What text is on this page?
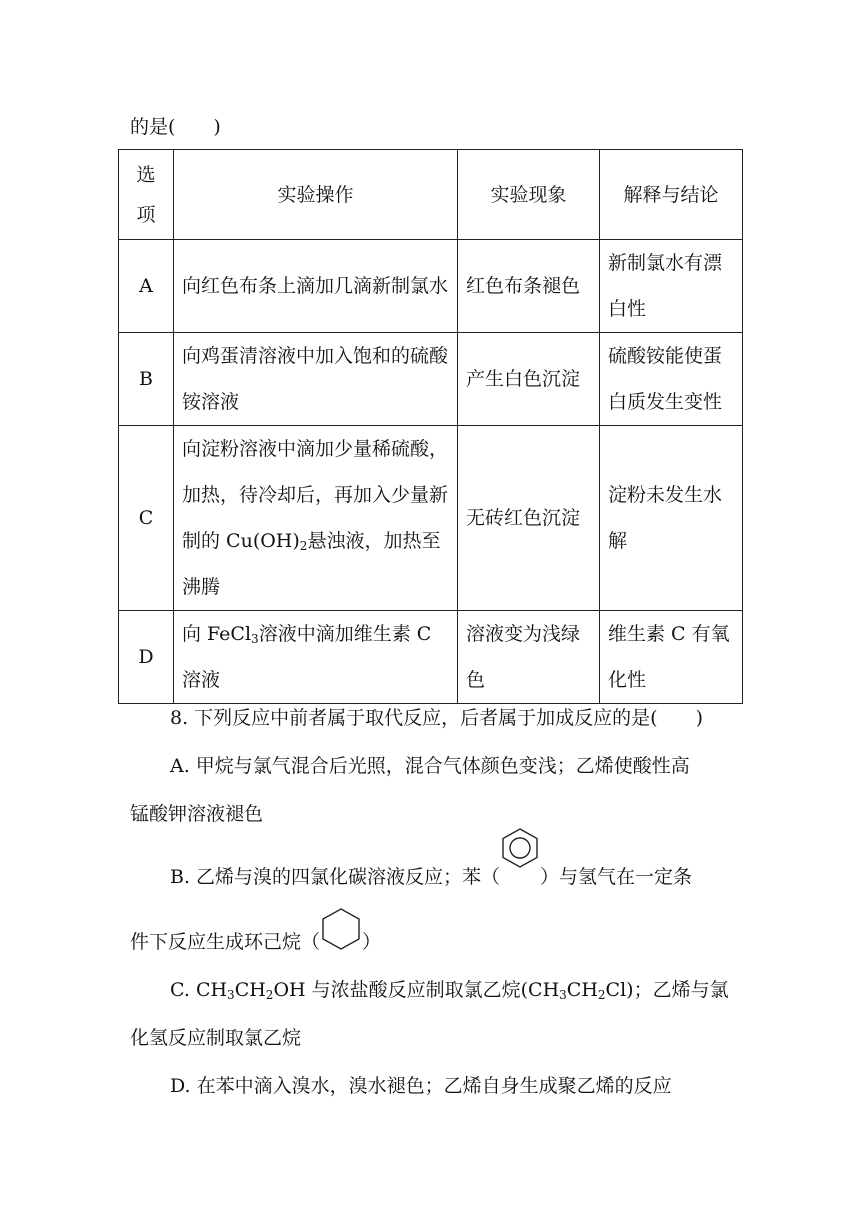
的是(　　)
选
项	实验操作	实验现象	解释与结论
A	向红色布条上滴加几滴新制氯水	红色布条褪色	新制氯水有漂白性
B	向鸡蛋清溶液中加入饱和的硫酸铵溶液	产生白色沉淀	硫酸铵能使蛋白质发生变性
C	向淀粉溶液中滴加少量稀硫酸，加热，待冷却后，再加入少量新制的 $Cu(OH)_2$悬浊液，加热至沸腾	无砖红色沉淀	淀粉未发生水解
D	向 FeCl$_3$溶液中滴加维生素 C 溶液	溶液变为浅绿色	维生素 C 有氧化性
8. 下列反应中前者属于取代反应，后者属于加成反应的是(　　)
A. 甲烷与氯气混合后光照，混合气体颜色变浅；乙烯使酸性高
锰酸钾溶液褪色
B. 乙烯与溴的四氯化碳溶液反应；苯（ ）与氢气在一定条
件下反应生成环己烷（ ）
C. $CH_3CH_2OH$ 与浓盐酸反应制取氯乙烷$(CH_3CH_2Cl)$；乙烯与氯
化氢反应制取氯乙烷
D. 在苯中滴入溴水，溴水褪色；乙烯自身生成聚乙烯的反应
